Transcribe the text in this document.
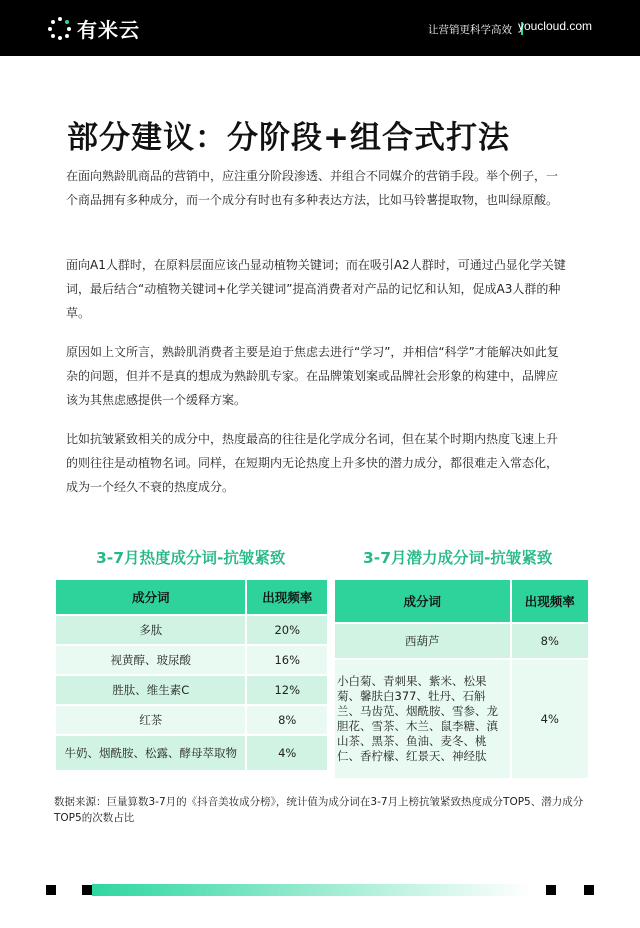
有米云	让营销更科学高效 youcloud.com
部分建议：分阶段+组合式打法

在面向熟龄肌商品的营销中，应注重分阶段渗透、并组合不同媒介的营销手段。举个例子，一个商品拥有多种成分，而一个成分有时也有多种表达方法，比如马铃薯提取物，也叫绿原酸。

面向A1人群时，在原料层面应该凸显动植物关键词；而在吸引A2人群时，可通过凸显化学关键词，最后结合“动植物关键词+化学关键词”提高消费者对产品的记忆和认知，促成A3人群的种草。

原因如上文所言，熟龄肌消费者主要是迫于焦虑去进行“学习”，并相信“科学”才能解决如此复杂的问题，但并不是真的想成为熟龄肌专家。在品牌策划案或品牌社会形象的构建中，品牌应该为其焦虑感提供一个缓释方案。

比如抗皱紧致相关的成分中，热度最高的往往是化学成分名词，但在某个时期内热度飞速上升的则往往是动植物名词。同样，在短期内无论热度上升多快的潜力成分，都很难走入常态化，成为一个经久不衰的热度成分。

3-7月热度成分词-抗皱紧致	3-7月潜力成分词-抗皱紧致
成分词	出现频率
多肽	20%
视黄醇、玻尿酸	16%
胜肽、维生素C	12%
红茶	8%
牛奶、烟酰胺、松露、酵母萃取物	4%
成分词	出现频率
西葫芦	8%
小白菊、青刺果、紫米、松果菊、馨肤白377、牡丹、石斛兰、马齿苋、烟酰胺、雪参、龙胆花、雪茶、木兰、鼠李糖、滇山茶、黑茶、鱼油、麦冬、桃仁、香柠檬、红景天、神经肽	4%

数据来源：巨量算数3-7月的《抖音美妆成分榜》，统计值为成分词在3-7月上榜抗皱紧致热度成分TOP5、潜力成分TOP5的次数占比
